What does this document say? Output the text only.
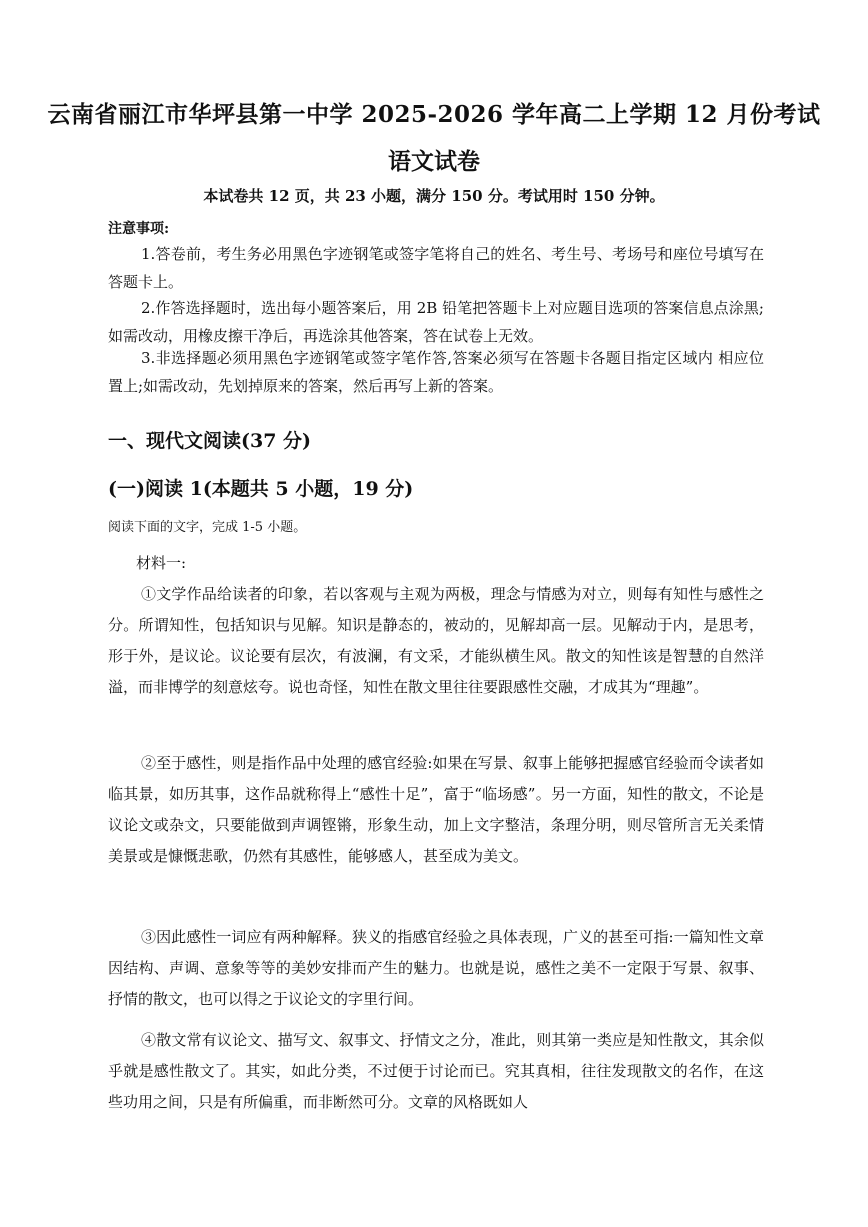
云南省丽江市华坪县第一中学 2025-2026 学年高二上学期 12 月份考试
语文试卷
本试卷共 12 页，共 23 小题，满分 150 分。考试用时 150 分钟。
注意事项:

1.答卷前，考生务必用黑色字迹钢笔或签字笔将自己的姓名、考生号、考场号和座位号填写在答题卡上。

2.作答选择题时，选出每小题答案后，用 2B 铅笔把答题卡上对应题目选项的答案信息点涂黑;如需改动，用橡皮擦干净后，再选涂其他答案，答在试卷上无效。

3.非选择题必须用黑色字迹钢笔或签字笔作答,答案必须写在答题卡各题目指定区域内 相应位置上;如需改动，先划掉原来的答案，然后再写上新的答案。

一、现代文阅读(37 分)
(一)阅读 1(本题共 5 小题，19 分)
阅读下面的文字，完成 1-5 小题。
材料一:

①文学作品给读者的印象，若以客观与主观为两极，理念与情感为对立，则每有知性与感性之分。所谓知性，包括知识与见解。知识是静态的，被动的，见解却高一层。见解动于内，是思考，形于外，是议论。议论要有层次，有波澜，有文采，才能纵横生风。散文的知性该是智慧的自然洋溢，而非博学的刻意炫夸。说也奇怪，知性在散文里往往要跟感性交融，才成其为“理趣”。

②至于感性，则是指作品中处理的感官经验:如果在写景、叙事上能够把握感官经验而令读者如临其景，如历其事，这作品就称得上“感性十足”，富于“临场感”。另一方面，知性的散文，不论是议论文或杂文，只要能做到声调铿锵，形象生动，加上文字整洁，条理分明，则尽管所言无关柔情美景或是慷慨悲歌，仍然有其感性，能够感人，甚至成为美文。

③因此感性一词应有两种解释。狭义的指感官经验之具体表现，广义的甚至可指:一篇知性文章因结构、声调、意象等等的美妙安排而产生的魅力。也就是说，感性之美不一定限于写景、叙事、抒情的散文，也可以得之于议论文的字里行间。

④散文常有议论文、描写文、叙事文、抒情文之分，准此，则其第一类应是知性散文，其余似乎就是感性散文了。其实，如此分类，不过便于讨论而已。究其真相，往往发现散文的名作，在这些功用之间，只是有所偏重，而非断然可分。文章的风格既如人
